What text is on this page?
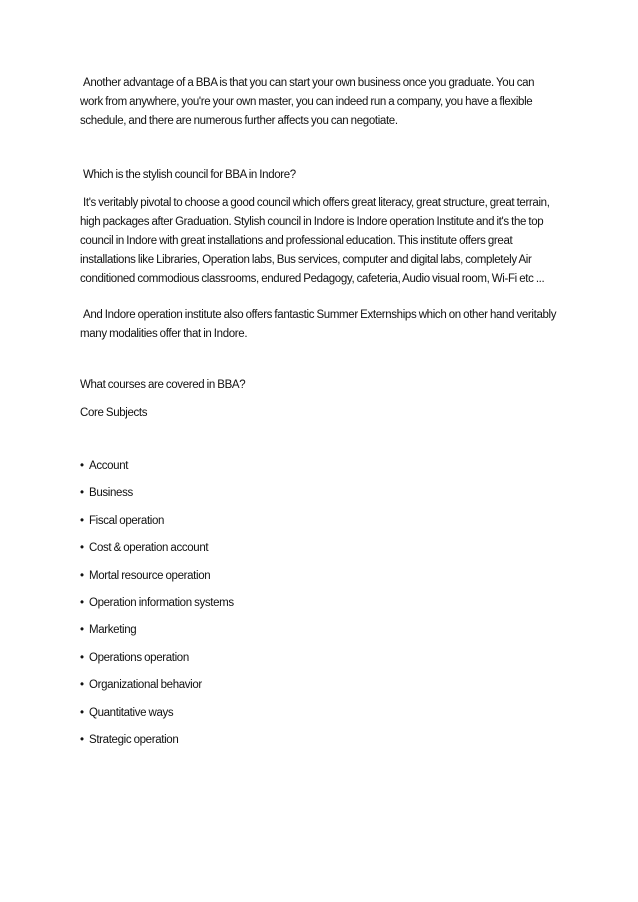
Another advantage of a BBA is that you can start your own business once you graduate. You can work from anywhere, you're your own master, you can indeed run a company, you have a flexible schedule, and there are numerous further affects you can negotiate.

Which is the stylish council for BBA in Indore?

It's veritably pivotal to choose a good council which offers great literacy, great structure, great terrain, high packages after Graduation. Stylish council in Indore is Indore operation Institute and it's the top council in Indore with great installations and professional education. This institute offers great installations like Libraries, Operation labs, Bus services, computer and digital labs, completely Air conditioned commodious classrooms, endured Pedagogy, cafeteria, Audio visual room, Wi-Fi etc ...

And Indore operation institute also offers fantastic Summer Externships which on other hand veritably many modalities offer that in Indore.

What courses are covered in BBA?

Core Subjects

• Account
• Business
• Fiscal operation
• Cost & operation account
• Mortal resource operation
• Operation information systems
• Marketing
• Operations operation
• Organizational behavior
• Quantitative ways
• Strategic operation
